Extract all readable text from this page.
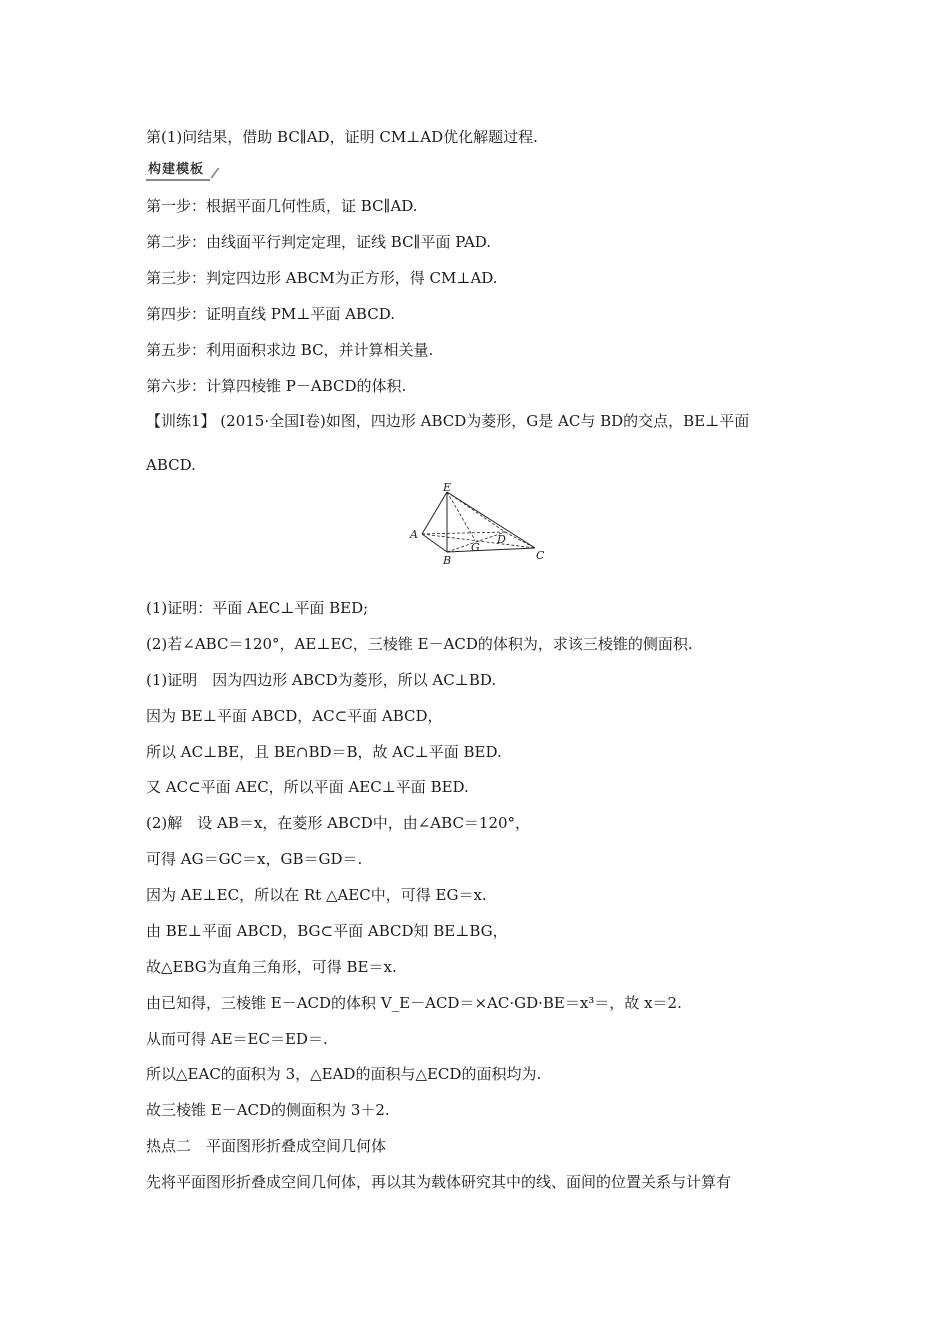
第(1)问结果，借助 BC∥AD，证明 CM⊥AD优化解题过程.
构建模板
第一步：根据平面几何性质，证 BC∥AD.
第二步：由线面平行判定定理，证线 BC∥平面 PAD.
第三步：判定四边形 ABCM为正方形，得 CM⊥AD.
第四步：证明直线 PM⊥平面 ABCD.
第五步：利用面积求边 BC，并计算相关量.
第六步：计算四棱锥 P－ABCD的体积.
【训练1】 (2015·全国Ⅰ卷)如图，四边形 ABCD为菱形，G是 AC与 BD的交点，BE⊥平面
ABCD.
E
A
B
G
D
C
(1)证明：平面 AEC⊥平面 BED;
(2)若∠ABC＝120°，AE⊥EC，三棱锥 E－ACD的体积为，求该三棱锥的侧面积.
(1)证明　因为四边形 ABCD为菱形，所以 AC⊥BD.
因为 BE⊥平面 ABCD，AC⊂平面 ABCD，
所以 AC⊥BE，且 BE∩BD＝B，故 AC⊥平面 BED.
又 AC⊂平面 AEC，所以平面 AEC⊥平面 BED.
(2)解　设 AB＝x，在菱形 ABCD中，由∠ABC＝120°，
可得 AG＝GC＝x，GB＝GD＝.
因为 AE⊥EC，所以在 Rt △AEC中，可得 EG＝x.
由 BE⊥平面 ABCD，BG⊂平面 ABCD知 BE⊥BG，
故△EBG为直角三角形，可得 BE＝x.
由已知得，三棱锥 E－ACD的体积 V_E－ACD＝×AC·GD·BE＝x³＝，故 x＝2.
从而可得 AE＝EC＝ED＝.
所以△EAC的面积为 3，△EAD的面积与△ECD的面积均为.
故三棱锥 E－ACD的侧面积为 3＋2.
热点二　平面图形折叠成空间几何体
先将平面图形折叠成空间几何体，再以其为载体研究其中的线、面间的位置关系与计算有
